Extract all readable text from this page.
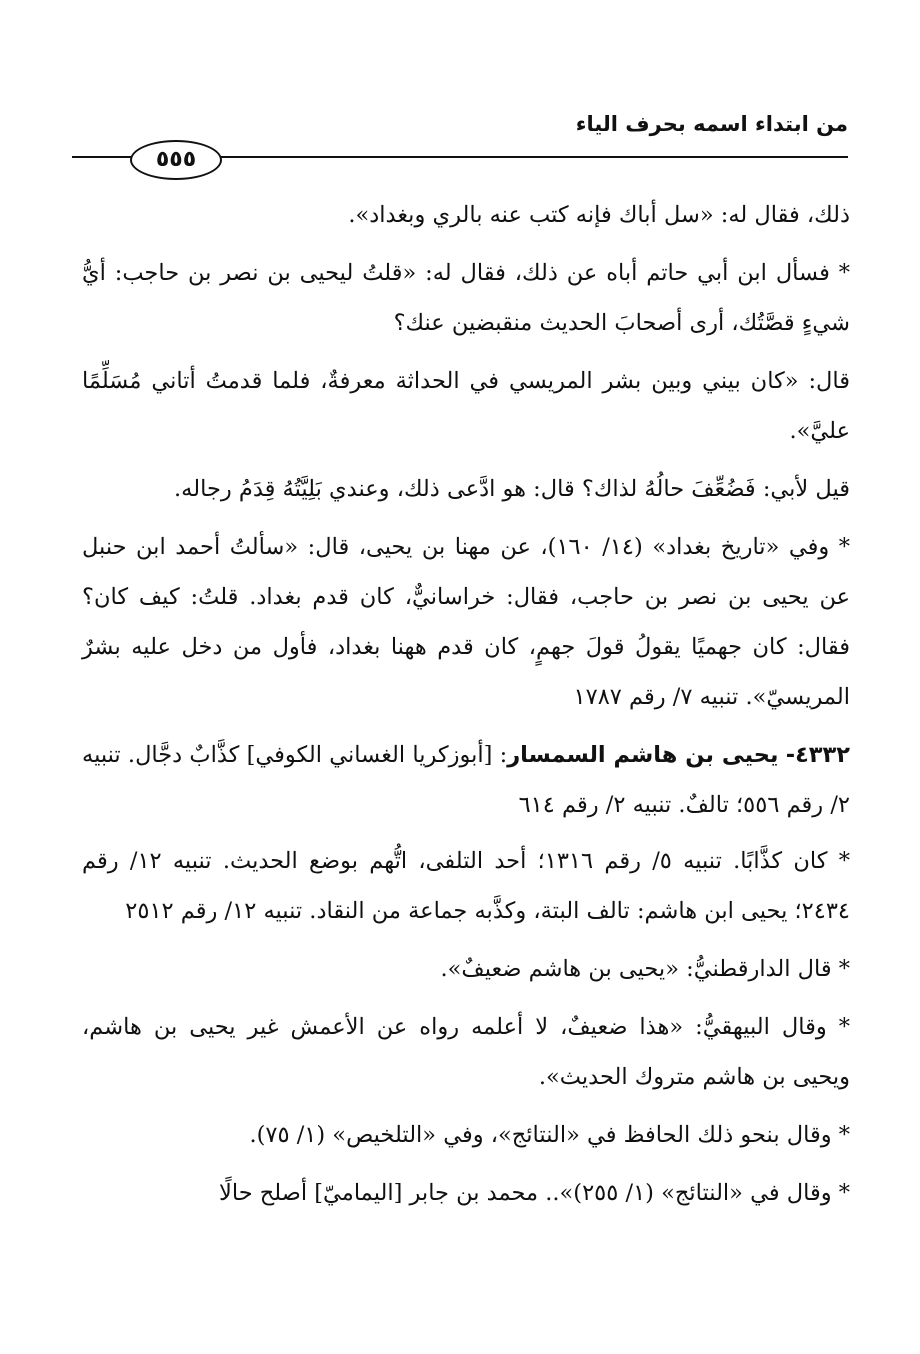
من ابتداء اسمه بحرف الياء
٥٥٥

ذلك، فقال له: «سل أباك فإنه كتب عنه بالري وبغداد».

* فسأل ابن أبي حاتم أباه عن ذلك، فقال له: «قلتُ ليحيى بن نصر بن حاجب: أيُّ شيءٍ قصَّتُك، أرى أصحابَ الحديث منقبضين عنك؟

قال: «كان بيني وبين بشر المريسي في الحداثة معرفةٌ، فلما قدمتُ أتاني مُسَلِّمًا عليَّ».

قيل لأبي: فَضُعِّفَ حالُهُ لذاك؟ قال: هو ادَّعى ذلك، وعندي بَلِيَّتُهُ قِدَمُ رجاله.

* وفي «تاريخ بغداد» (١٤/ ١٦٠)، عن مهنا بن يحيى، قال: «سألتُ أحمد ابن حنبل عن يحيى بن نصر بن حاجب، فقال: خراسانيٌّ، كان قدم بغداد. قلتُ: كيف كان؟ فقال: كان جهميًا يقولُ قولَ جهمٍ، كان قدم ههنا بغداد، فأول من دخل عليه بشرٌ المريسيّ». تنبيه ٧/ رقم ١٧٨٧

٤٣٣٢- يحيى بن هاشم السمسار: [أبوزكريا الغساني الكوفي] كذَّابٌ دجَّال. تنبيه ٢/ رقم ٥٥٦؛ تالفٌ. تنبيه ٢/ رقم ٦١٤

* كان كذَّابًا. تنبيه ٥/ رقم ١٣١٦؛ أحد التلفى، اتُّهم بوضع الحديث. تنبيه ١٢/ رقم ٢٤٣٤؛ يحيى ابن هاشم: تالف البتة، وكذَّبه جماعة من النقاد. تنبيه ١٢/ رقم ٢٥١٢

* قال الدارقطنيُّ: «يحيى بن هاشم ضعيفٌ».

* وقال البيهقيُّ: «هذا ضعيفٌ، لا أعلمه رواه عن الأعمش غير يحيى بن هاشم، ويحيى بن هاشم متروك الحديث».

* وقال بنحو ذلك الحافظ في «النتائج»، وفي «التلخيص» (١/ ٧٥).

* وقال في «النتائج» (١/ ٢٥٥)».. محمد بن جابر [اليماميّ] أصلح حالًا
